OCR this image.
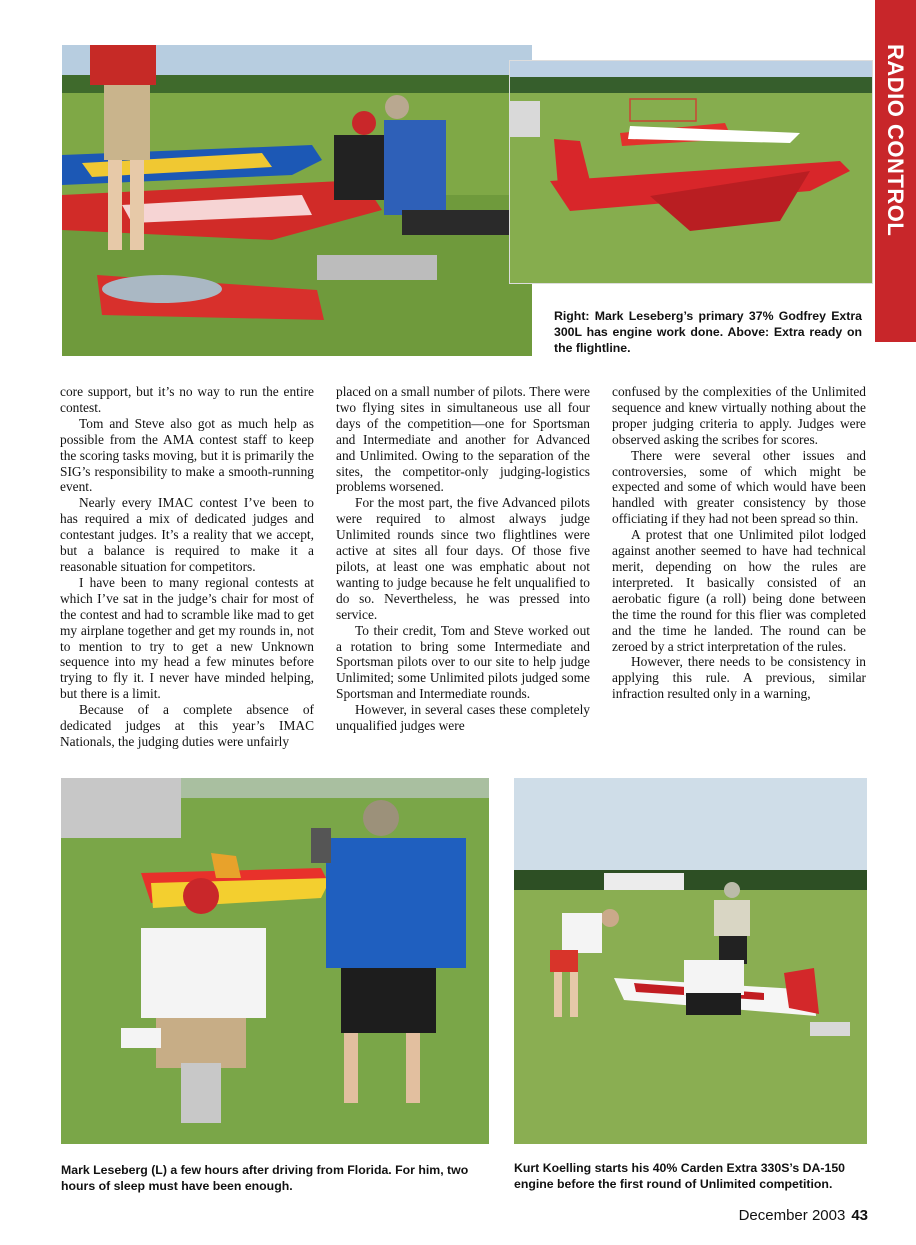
RADIO CONTROL
Right: Mark Leseberg’s primary 37% Godfrey Extra 300L has engine work done. Above: Extra ready on the flightline.

core support, but it’s no way to run the entire contest.

Tom and Steve also got as much help as possible from the AMA contest staff to keep the scoring tasks moving, but it is primarily the SIG’s responsibility to make a smooth-running event.

Nearly every IMAC contest I’ve been to has required a mix of dedicated judges and contestant judges. It’s a reality that we accept, but a balance is required to make it a reasonable situation for competitors.

I have been to many regional contests at which I’ve sat in the judge’s chair for most of the contest and had to scramble like mad to get my airplane together and get my rounds in, not to mention to try to get a new Unknown sequence into my head a few minutes before trying to fly it. I never have minded helping, but there is a limit.

Because of a complete absence of dedicated judges at this year’s IMAC Nationals, the judging duties were unfairly

placed on a small number of pilots. There were two flying sites in simultaneous use all four days of the competition—one for Sportsman and Intermediate and another for Advanced and Unlimited. Owing to the separation of the sites, the competitor-only judging-logistics problems worsened.

For the most part, the five Advanced pilots were required to almost always judge Unlimited rounds since two flightlines were active at sites all four days. Of those five pilots, at least one was emphatic about not wanting to judge because he felt unqualified to do so. Nevertheless, he was pressed into service.

To their credit, Tom and Steve worked out a rotation to bring some Intermediate and Sportsman pilots over to our site to help judge Unlimited; some Unlimited pilots judged some Sportsman and Intermediate rounds.

However, in several cases these completely unqualified judges were

confused by the complexities of the Unlimited sequence and knew virtually nothing about the proper judging criteria to apply. Judges were observed asking the scribes for scores.

There were several other issues and controversies, some of which might be expected and some of which would have been handled with greater consistency by those officiating if they had not been spread so thin.

A protest that one Unlimited pilot lodged against another seemed to have had technical merit, depending on how the rules are interpreted. It basically consisted of an aerobatic figure (a roll) being done between the time the round for this flier was completed and the time he landed. The round can be zeroed by a strict interpretation of the rules.

However, there needs to be consistency in applying this rule. A previous, similar infraction resulted only in a warning,

Mark Leseberg (L) a few hours after driving from Florida. For him, two hours of sleep must have been enough.
Kurt Koelling starts his 40% Carden Extra 330S’s DA-150 engine before the first round of Unlimited competition.
December 2003 43
